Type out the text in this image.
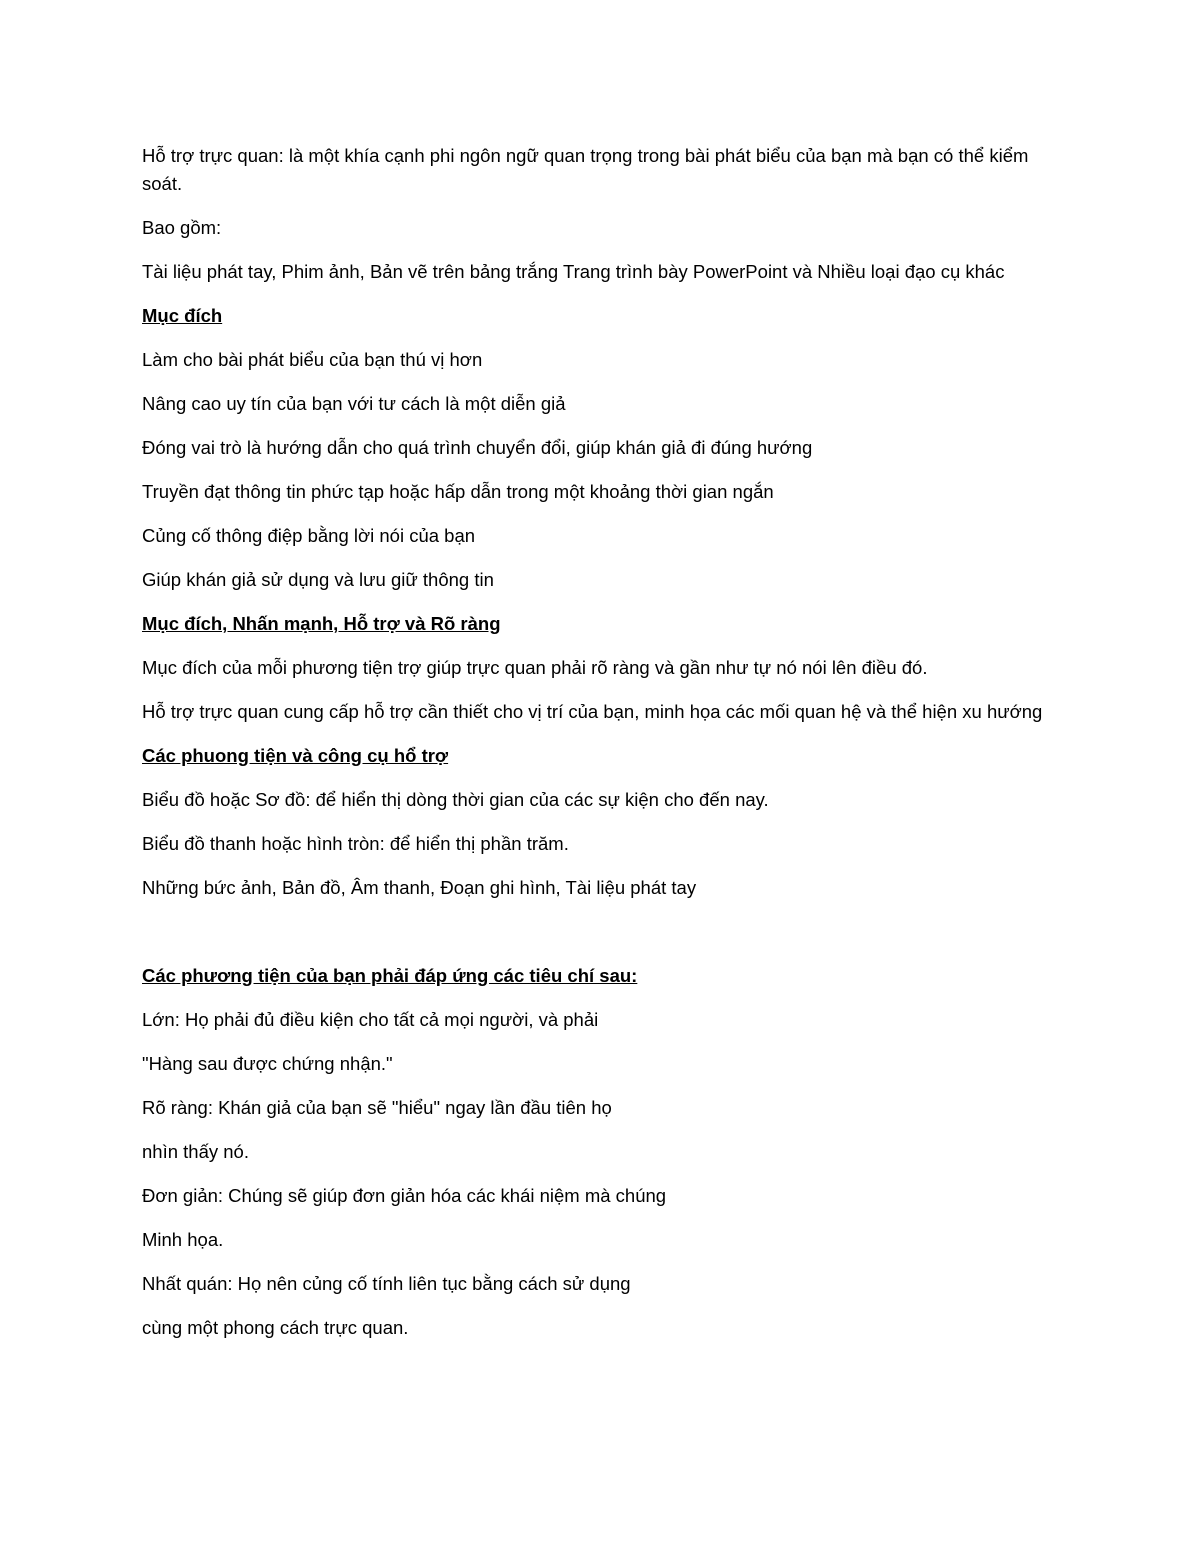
Hỗ trợ trực quan: là một khía cạnh phi ngôn ngữ quan trọng trong bài phát biểu của bạn mà bạn có thể kiểm soát.

Bao gồm:

Tài liệu phát tay, Phim ảnh, Bản vẽ trên bảng trắng Trang trình bày PowerPoint và Nhiều loại đạo cụ khác

Mục đích

Làm cho bài phát biểu của bạn thú vị hơn

Nâng cao uy tín của bạn với tư cách là một diễn giả

Đóng vai trò là hướng dẫn cho quá trình chuyển đổi, giúp khán giả đi đúng hướng

Truyền đạt thông tin phức tạp hoặc hấp dẫn trong một khoảng thời gian ngắn

Củng cố thông điệp bằng lời nói của bạn

Giúp khán giả sử dụng và lưu giữ thông tin

Mục đích, Nhấn mạnh, Hỗ trợ và Rõ ràng

Mục đích của mỗi phương tiện trợ giúp trực quan phải rõ ràng và gần như tự nó nói lên điều đó.

Hỗ trợ trực quan cung cấp hỗ trợ cần thiết cho vị trí của bạn, minh họa các mối quan hệ và thể hiện xu hướng

Các phuong tiện và công cụ hổ trợ

Biểu đồ hoặc Sơ đồ: để hiển thị dòng thời gian của các sự kiện cho đến nay.

Biểu đồ thanh hoặc hình tròn: để hiển thị phần trăm.

Những bức ảnh, Bản đồ, Âm thanh, Đoạn ghi hình, Tài liệu phát tay

Các phương tiện của bạn phải đáp ứng các tiêu chí sau:

Lớn: Họ phải đủ điều kiện cho tất cả mọi người, và phải

"Hàng sau được chứng nhận."

Rõ ràng: Khán giả của bạn sẽ "hiểu" ngay lần đầu tiên họ

nhìn thấy nó.

Đơn giản: Chúng sẽ giúp đơn giản hóa các khái niệm mà chúng

Minh họa.

Nhất quán: Họ nên củng cố tính liên tục bằng cách sử dụng

cùng một phong cách trực quan.
